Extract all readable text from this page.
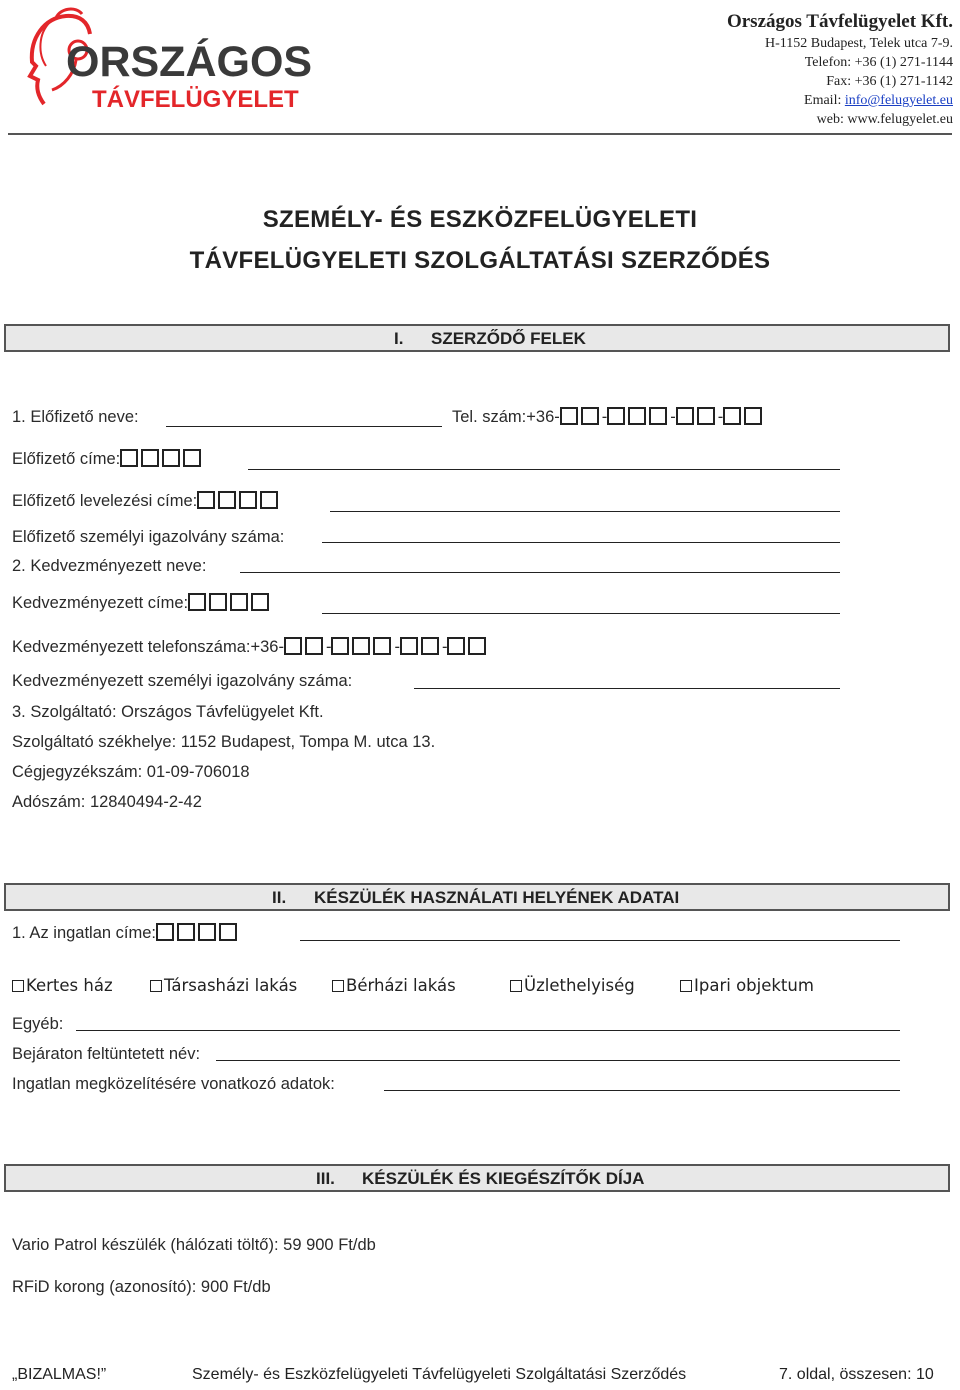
ORSZÁGOS
TÁVFELÜGYELET
Országos Távfelügyelet Kft.
H-1152 Budapest, Telek utca 7-9.
Telefon: +36 (1) 271-1144
Fax: +36 (1) 271-1142
Email: info@felugyelet.eu
web: www.felugyelet.eu
SZEMÉLY- ÉS ESZKÖZFELÜGYELETI
TÁVFELÜGYELETI SZOLGÁLTATÁSI SZERZŐDÉS
I. SZERZŐDŐ FELEK
1. Előfizető neve:	Tel. szám:+36-	-	-	-
Előfizető címe:
Előfizető levelezési címe:
Előfizető személyi igazolvány száma:
2. Kedvezményezett neve:
Kedvezményezett címe:
Kedvezményezett telefonszáma:+36-	-	-	-
Kedvezményezett személyi igazolvány száma:
3. Szolgáltató: Országos Távfelügyelet Kft.
Szolgáltató székhelye: 1152 Budapest, Tompa M. utca 13.
Cégjegyzékszám: 01-09-706018
Adószám: 12840494-2-42
II. KÉSZÜLÉK HASZNÁLATI HELYÉNEK ADATAI
1. Az ingatlan címe:
Kertes ház	Társasházi lakás	Bérházi lakás	Üzlethelyiség	Ipari objektum
Egyéb:
Bejáraton feltüntetett név:
Ingatlan megközelítésére vonatkozó adatok:
III. KÉSZÜLÉK ÉS KIEGÉSZÍTŐK DÍJA
Vario Patrol készülék (hálózati töltő): 59 900 Ft/db
RFiD korong (azonosító): 900 Ft/db
„BIZALMAS!”	Személy- és Eszközfelügyeleti Távfelügyeleti Szolgáltatási Szerződés	7. oldal, összesen: 10
